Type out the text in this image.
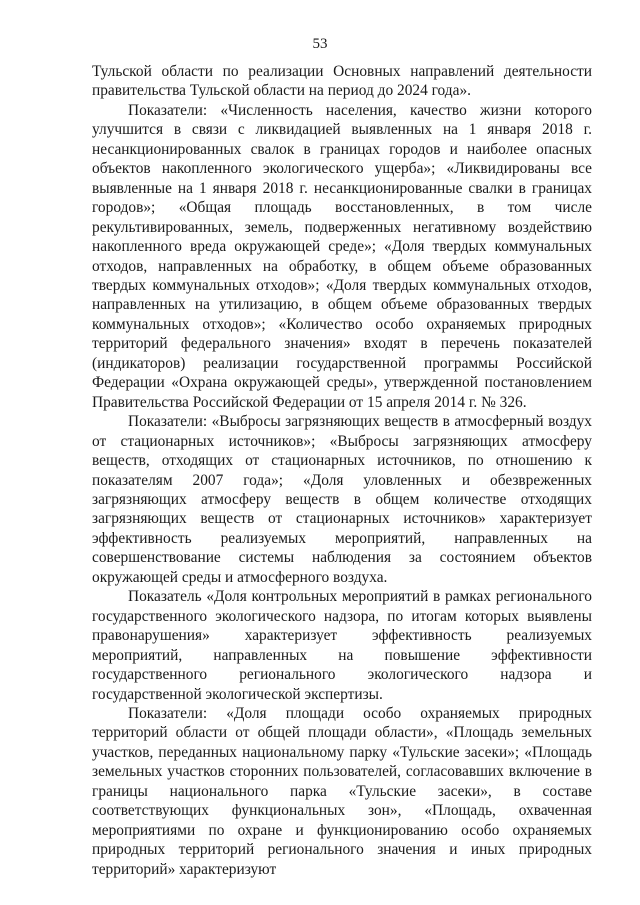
53

Тульской области по реализации Основных направлений деятельности правительства Тульской области на период до 2024 года».

Показатели: «Численность населения, качество жизни которого улучшится в связи с ликвидацией выявленных на 1 января 2018 г. несанкционированных свалок в границах городов и наиболее опасных объектов накопленного экологического ущерба»; «Ликвидированы все выявленные на 1 января 2018 г. несанкционированные свалки в границах городов»; «Общая площадь восстановленных, в том числе рекультивированных, земель, подверженных негативному воздействию накопленного вреда окружающей среде»; «Доля твердых коммунальных отходов, направленных на обработку, в общем объеме образованных твердых коммунальных отходов»; «Доля твердых коммунальных отходов, направленных на утилизацию, в общем объеме образованных твердых коммунальных отходов»; «Количество особо охраняемых природных территорий федерального значения» входят в перечень показателей (индикаторов) реализации государственной программы Российской Федерации «Охрана окружающей среды», утвержденной постановлением Правительства Российской Федерации от 15 апреля 2014 г. № 326.

Показатели: «Выбросы загрязняющих веществ в атмосферный воздух от стационарных источников»; «Выбросы загрязняющих атмосферу веществ, отходящих от стационарных источников, по отношению к показателям 2007 года»; «Доля уловленных и обезвреженных загрязняющих атмосферу веществ в общем количестве отходящих загрязняющих веществ от стационарных источников» характеризует эффективность реализуемых мероприятий, направленных на совершенствование системы наблюдения за состоянием объектов окружающей среды и атмосферного воздуха.

Показатель «Доля контрольных мероприятий в рамках регионального государственного экологического надзора, по итогам которых выявлены правонарушения» характеризует эффективность реализуемых мероприятий, направленных на повышение эффективности государственного регионального экологического надзора и государственной экологической экспертизы.

Показатели: «Доля площади особо охраняемых природных территорий области от общей площади области», «Площадь земельных участков, переданных национальному парку «Тульские засеки»; «Площадь земельных участков сторонних пользователей, согласовавших включение в границы национального парка «Тульские засеки», в составе соответствующих функциональных зон», «Площадь, охваченная мероприятиями по охране и функционированию особо охраняемых природных территорий регионального значения и иных природных территорий» характеризуют
